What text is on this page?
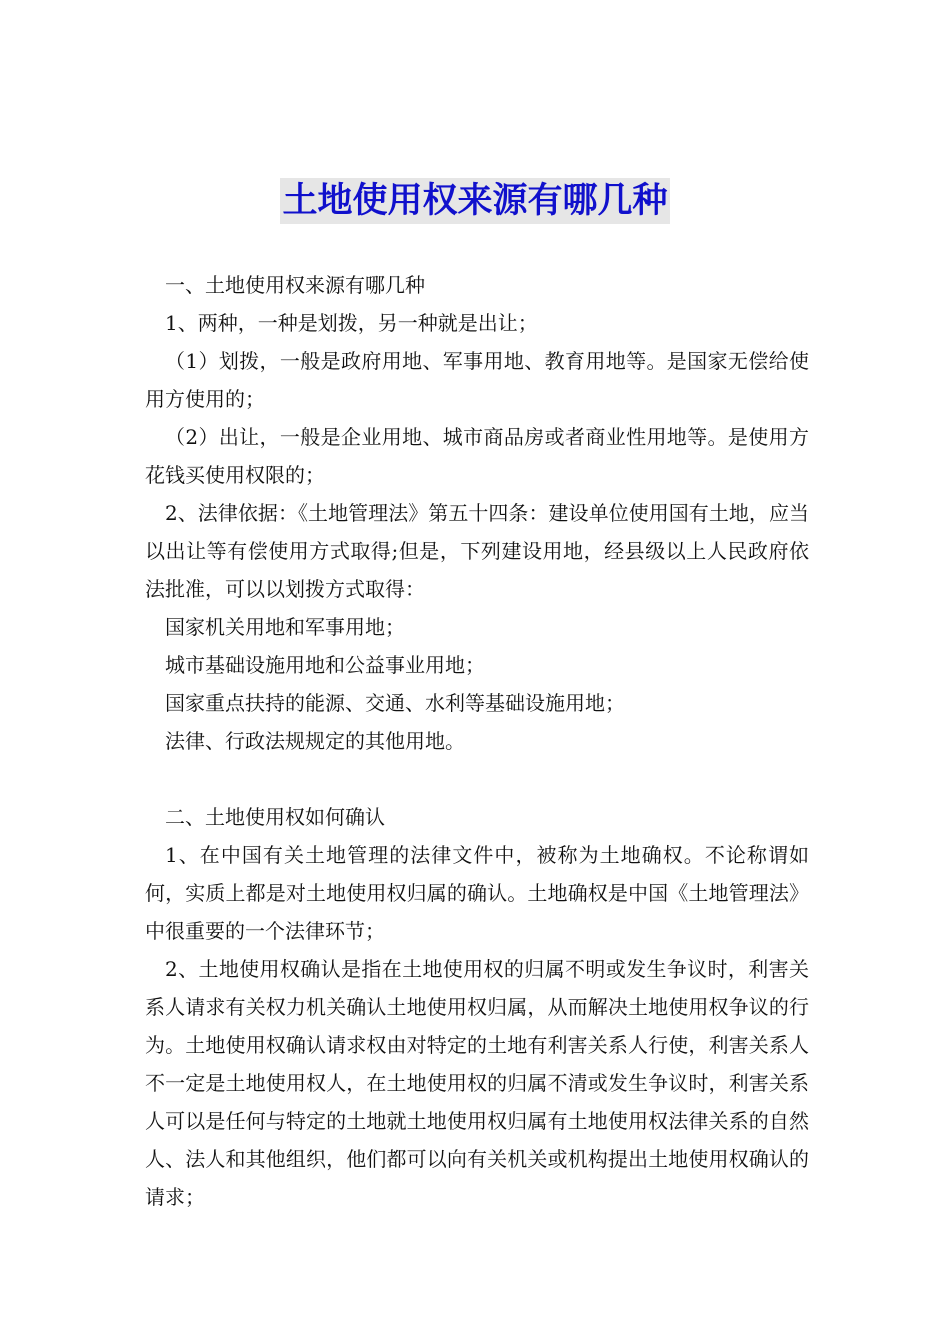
土地使用权来源有哪几种

一、土地使用权来源有哪几种

1、两种，一种是划拨，另一种就是出让；

（1）划拨，一般是政府用地、军事用地、教育用地等。是国家无偿给使用方使用的；

（2）出让，一般是企业用地、城市商品房或者商业性用地等。是使用方花钱买使用权限的；

2、法律依据：《土地管理法》第五十四条：建设单位使用国有土地，应当以出让等有偿使用方式取得;但是，下列建设用地，经县级以上人民政府依法批准，可以以划拨方式取得：

国家机关用地和军事用地；

城市基础设施用地和公益事业用地；

国家重点扶持的能源、交通、水利等基础设施用地；

法律、行政法规规定的其他用地。

二、土地使用权如何确认

1、在中国有关土地管理的法律文件中，被称为土地确权。不论称谓如何，实质上都是对土地使用权归属的确认。土地确权是中国《土地管理法》中很重要的一个法律环节；

2、土地使用权确认是指在土地使用权的归属不明或发生争议时，利害关系人请求有关权力机关确认土地使用权归属，从而解决土地使用权争议的行为。土地使用权确认请求权由对特定的土地有利害关系人行使，利害关系人不一定是土地使用权人，在土地使用权的归属不清或发生争议时，利害关系人可以是任何与特定的土地就土地使用权归属有土地使用权法律关系的自然人、法人和其他组织，他们都可以向有关机关或机构提出土地使用权确认的请求；
